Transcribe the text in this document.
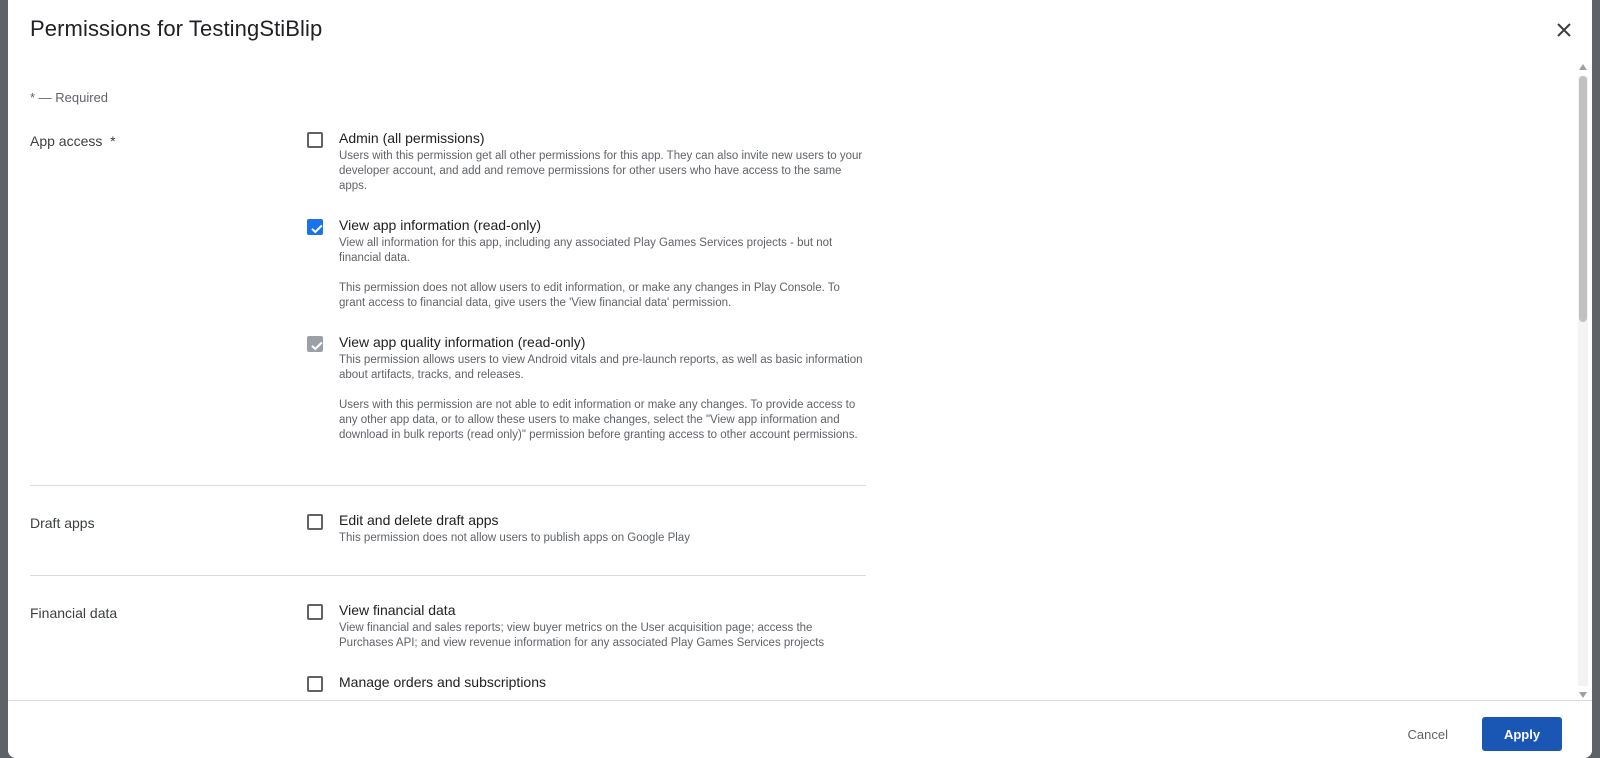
Permissions for TestingStiBlip
* — Required
App access  *	Admin (all permissions)

Users with this permission get all other permissions for this app. They can also invite new users to your developer account, and add and remove permissions for other users who have access to the same apps.

View app information (read-only)

View all information for this app, including any associated Play Games Services projects - but not financial data.

This permission does not allow users to edit information, or make any changes in Play Console. To grant access to financial data, give users the 'View financial data' permission.

View app quality information (read-only)

This permission allows users to view Android vitals and pre-launch reports, as well as basic information about artifacts, tracks, and releases.

Users with this permission are not able to edit information or make any changes. To provide access to any other app data, or to allow these users to make changes, select the "View app information and download in bulk reports (read only)" permission before granting access to other account permissions.

Draft apps	Edit and delete draft apps

This permission does not allow users to publish apps on Google Play

Financial data	View financial data

View financial and sales reports; view buyer metrics on the User acquisition page; access the Purchases API; and view revenue information for any associated Play Games Services projects

Manage orders and subscriptions
Cancel	Apply
